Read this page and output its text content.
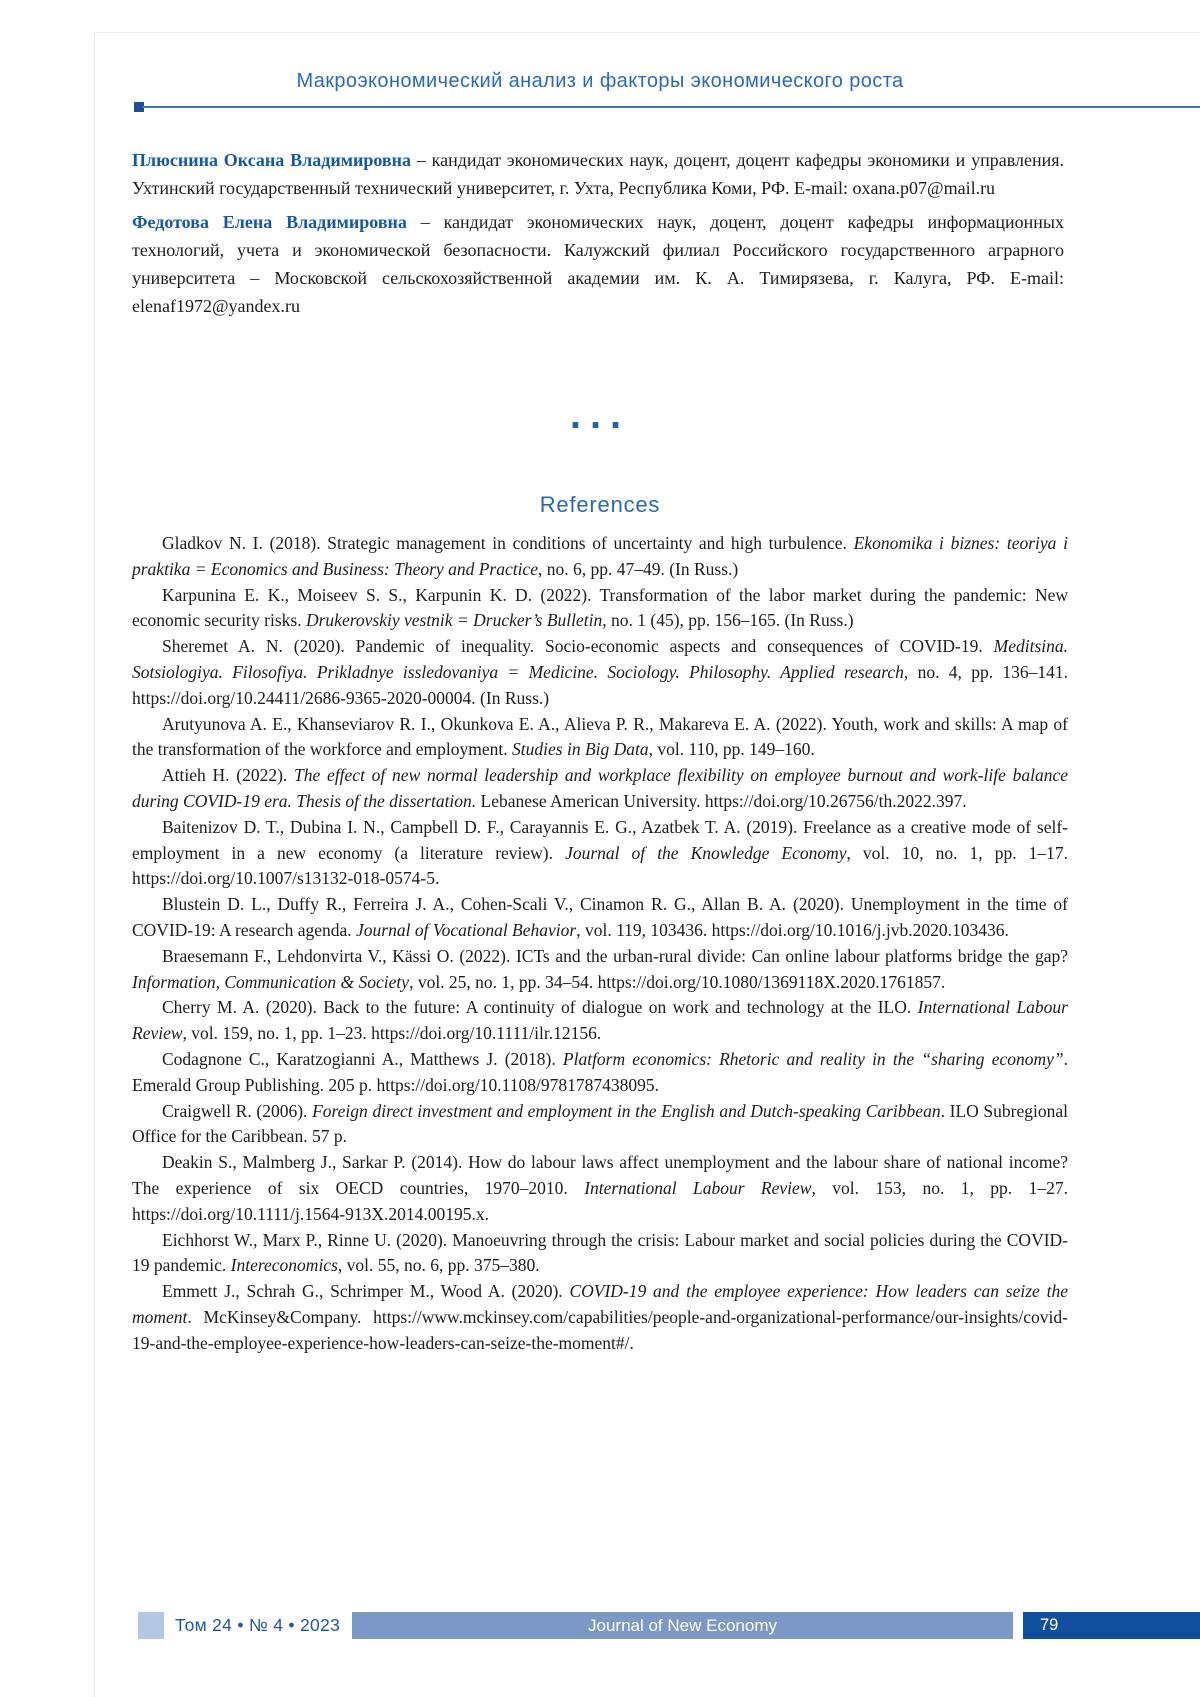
Макроэкономический анализ и факторы экономического роста

Плюснина Оксана Владимировна – кандидат экономических наук, доцент, доцент кафедры экономики и управления. Ухтинский государственный технический университет, г. Ухта, Республика Коми, РФ. E-mail: oxana.p07@mail.ru

Федотова Елена Владимировна – кандидат экономических наук, доцент, доцент кафедры информационных технологий, учета и экономической безопасности. Калужский филиал Российского государственного аграрного университета – Московской сельскохозяйственной академии им. К. А. Тимирязева, г. Калуга, РФ. E-mail: elenaf1972@yandex.ru

...
References

Gladkov N. I. (2018). Strategic management in conditions of uncertainty and high turbulence. Ekonomika i biznes: teoriya i praktika = Economics and Business: Theory and Practice, no. 6, pp. 47–49. (In Russ.)

Karpunina E. K., Moiseev S. S., Karpunin K. D. (2022). Transformation of the labor market during the pandemic: New economic security risks. Drukerovskiy vestnik = Drucker’s Bulletin, no. 1 (45), pp. 156–165. (In Russ.)

Sheremet A. N. (2020). Pandemic of inequality. Socio-economic aspects and consequences of COVID-19. Meditsina. Sotsiologiya. Filosofiya. Prikladnye issledovaniya = Medicine. Sociology. Philosophy. Applied research, no. 4, pp. 136–141. https://doi.org/10.24411/2686-9365-2020-00004. (In Russ.)

Arutyunova A. E., Khanseviarov R. I., Okunkova E. A., Alieva P. R., Makareva E. A. (2022). Youth, work and skills: A map of the transformation of the workforce and employment. Studies in Big Data, vol. 110, pp. 149–160.

Attieh H. (2022). The effect of new normal leadership and workplace flexibility on employee burnout and work-life balance during COVID-19 era. Thesis of the dissertation. Lebanese American University. https://doi.org/10.26756/th.2022.397.

Baitenizov D. T., Dubina I. N., Campbell D. F., Carayannis E. G., Azatbek T. A. (2019). Freelance as a creative mode of self-employment in a new economy (a literature review). Journal of the Knowledge Economy, vol. 10, no. 1, pp. 1–17. https://doi.org/10.1007/s13132-018-0574-5.

Blustein D. L., Duffy R., Ferreira J. A., Cohen-Scali V., Cinamon R. G., Allan B. A. (2020). Unemployment in the time of COVID-19: A research agenda. Journal of Vocational Behavior, vol. 119, 103436. https://doi.org/10.1016/j.jvb.2020.103436.

Braesemann F., Lehdonvirta V., Kässi O. (2022). ICTs and the urban-rural divide: Can online labour platforms bridge the gap? Information, Communication & Society, vol. 25, no. 1, pp. 34–54. https://doi.org/10.1080/1369118X.2020.1761857.

Cherry M. A. (2020). Back to the future: A continuity of dialogue on work and technology at the ILO. International Labour Review, vol. 159, no. 1, pp. 1–23. https://doi.org/10.1111/ilr.12156.

Codagnone C., Karatzogianni A., Matthews J. (2018). Platform economics: Rhetoric and reality in the “sharing economy”. Emerald Group Publishing. 205 p. https://doi.org/10.1108/9781787438095.

Craigwell R. (2006). Foreign direct investment and employment in the English and Dutch-speaking Caribbean. ILO Subregional Office for the Caribbean. 57 p.

Deakin S., Malmberg J., Sarkar P. (2014). How do labour laws affect unemployment and the labour share of national income? The experience of six OECD countries, 1970–2010. International Labour Review, vol. 153, no. 1, pp. 1–27. https://doi.org/10.1111/j.1564-913X.2014.00195.x.

Eichhorst W., Marx P., Rinne U. (2020). Manoeuvring through the crisis: Labour market and social policies during the COVID-19 pandemic. Intereconomics, vol. 55, no. 6, pp. 375–380.

Emmett J., Schrah G., Schrimper M., Wood A. (2020). COVID-19 and the employee experience: How leaders can seize the moment. McKinsey&Company. https://www.mckinsey.com/capabilities/people-and-organizational-performance/our-insights/covid-19-and-the-employee-experience-how-leaders-can-seize-the-moment#/.

Том 24 • № 4 • 2023	Journal of New Economy	79
